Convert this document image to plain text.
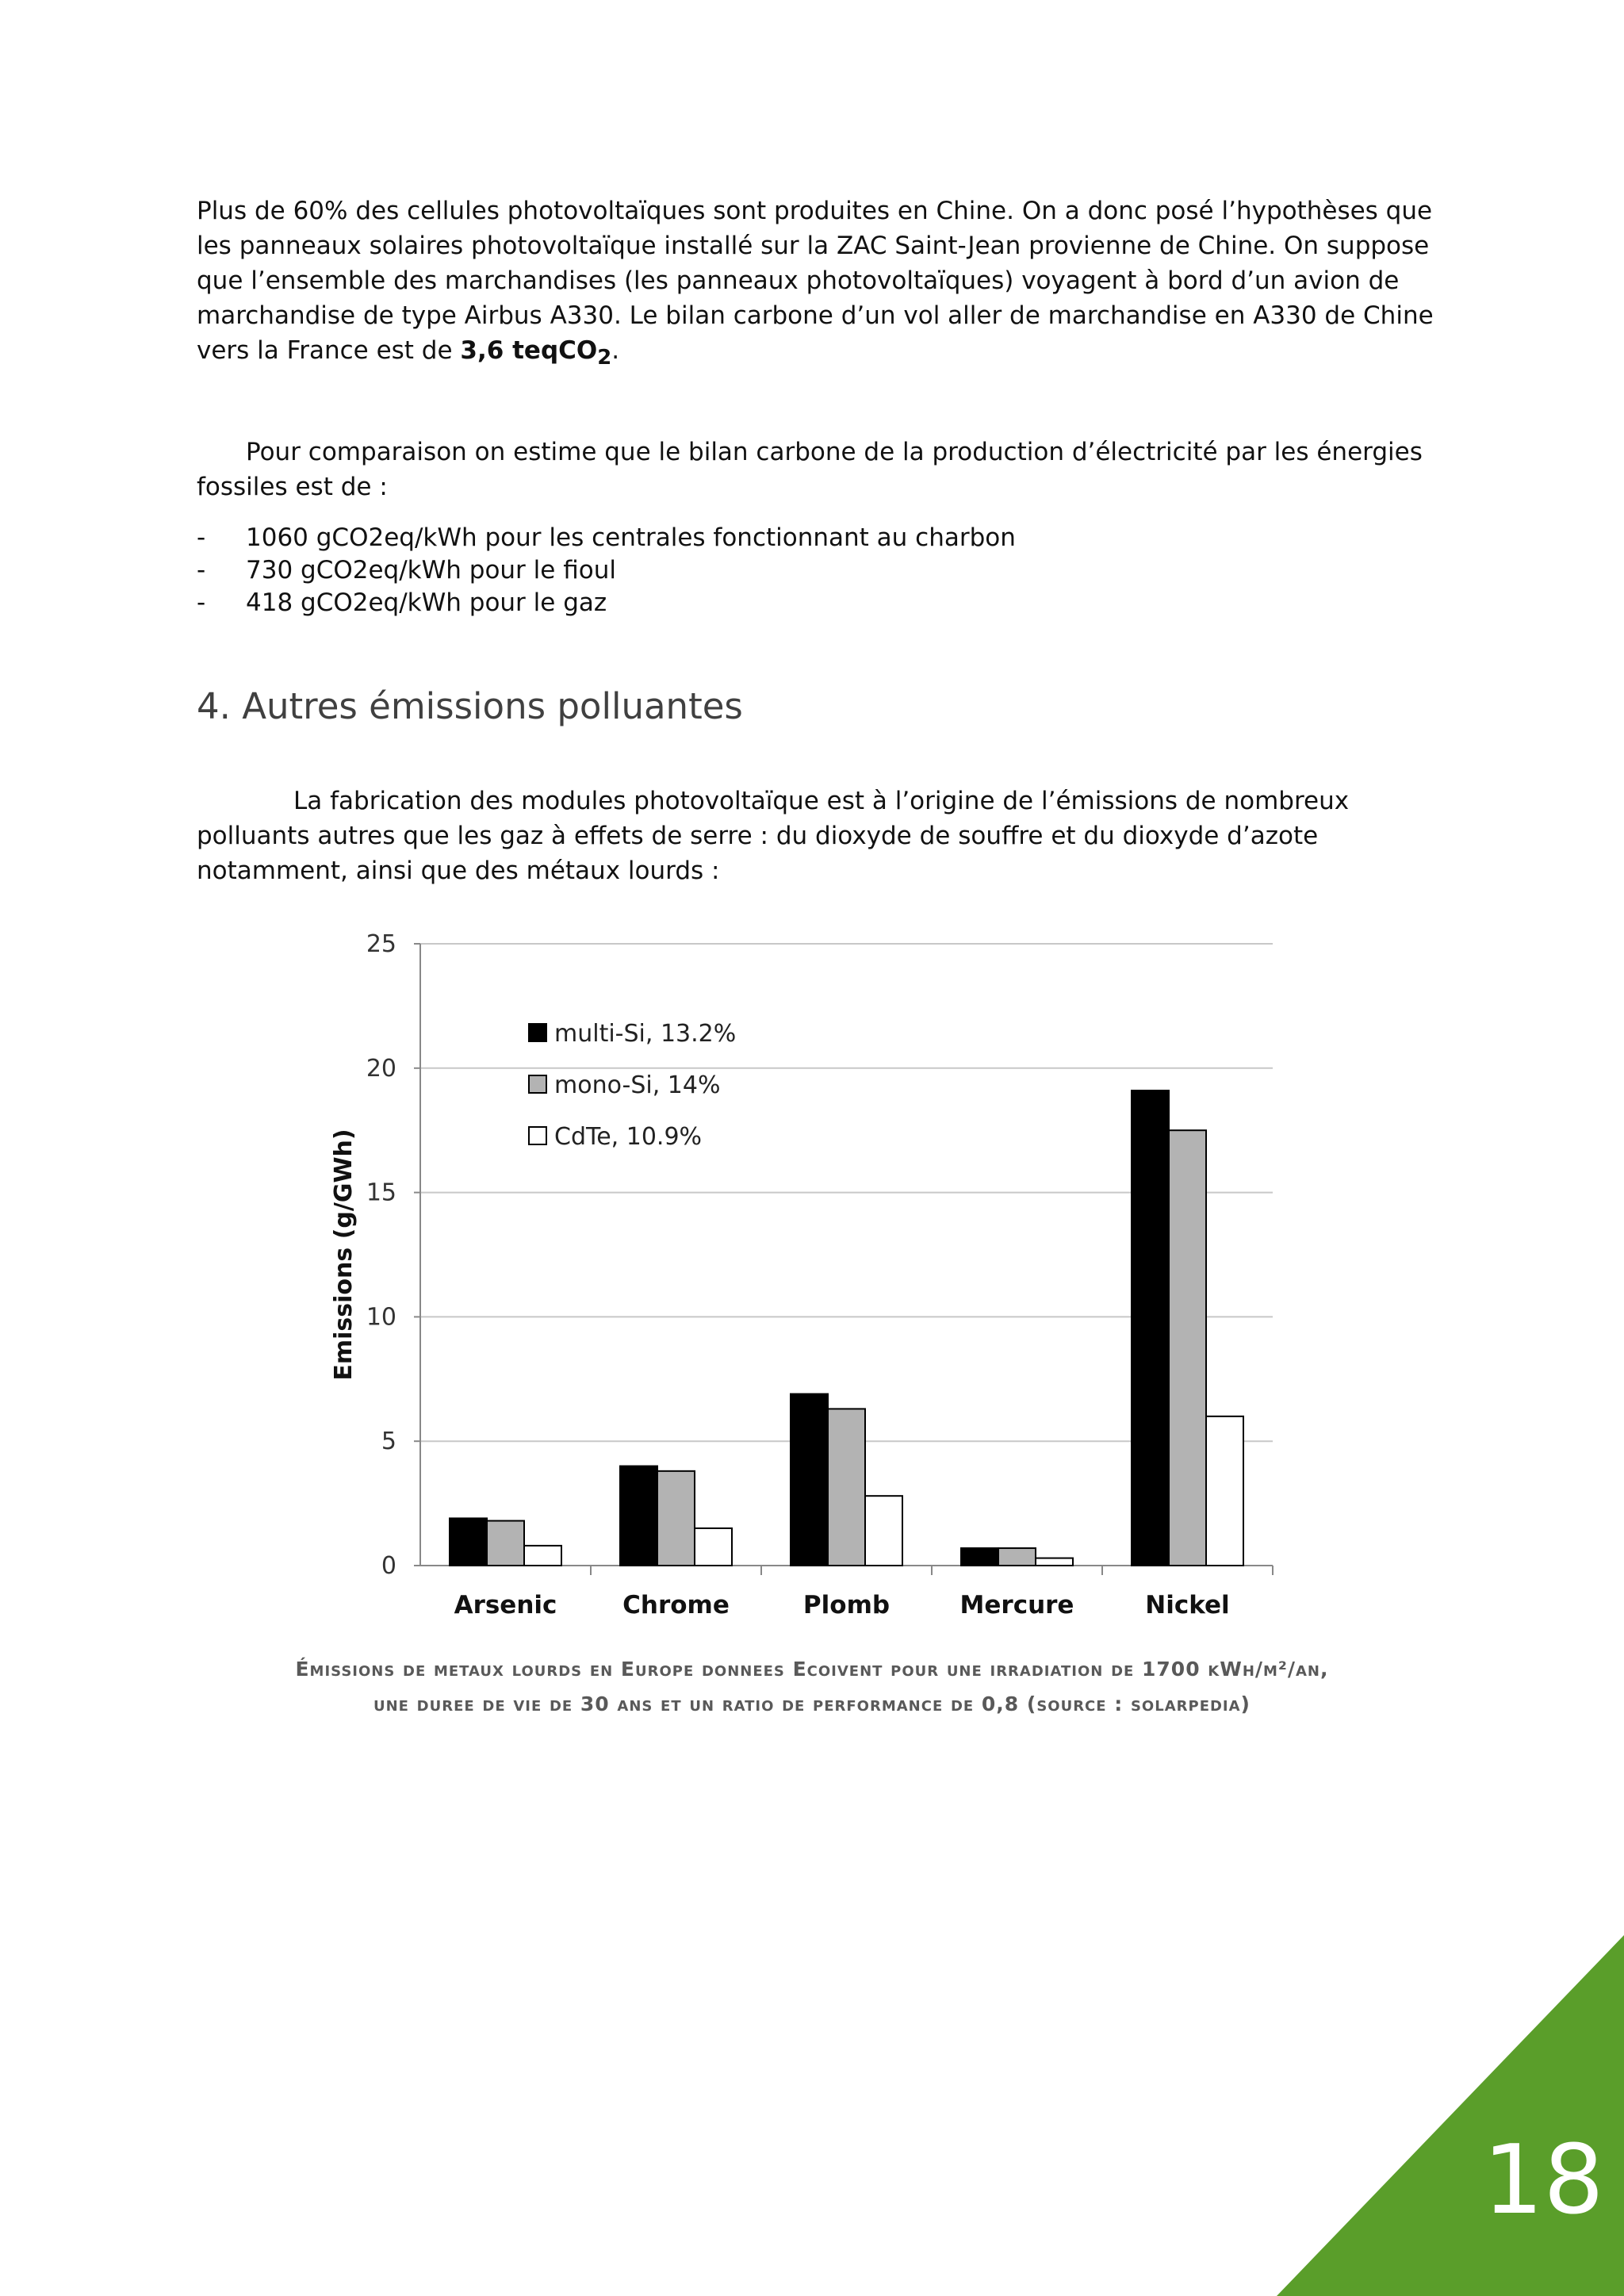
Plus de 60% des cellules photovoltaïques sont produites en Chine. On a donc posé l’hypothèses que les panneaux solaires photovoltaïque installé sur la ZAC Saint-Jean provienne de Chine. On suppose que l’ensemble des marchandises (les panneaux photovoltaïques) voyagent à bord d’un avion de marchandise de type Airbus A330. Le bilan carbone d’un vol aller de marchandise en A330 de Chine vers la France est de 3,6 teqCO$_2$.

Pour comparaison on estime que le bilan carbone de la production d’électricité par les énergies fossiles est de :

- 1060 gCO2eq/kWh pour les centrales fonctionnant au charbon
- 730 gCO2eq/kWh pour le fioul
- 418 gCO2eq/kWh pour le gaz
4. Autres émissions polluantes

La fabrication des modules photovoltaïque est à l’origine de l’émissions de nombreux polluants autres que les gaz à effets de serre : du dioxyde de souffre et du dioxyde d’azote notamment, ainsi que des métaux lourds :

0
5
10
15
20
25
Arsenic	Chrome	Plomb	Mercure	Nickel
Emissions (g/GWh)
multi-Si, 13.2%
mono-Si, 14%
CdTe, 10.9%
Émissions de metaux lourds en Europe donnees Ecoivent pour une irradiation de 1700 kWh/m²/an,
une duree de vie de 30 ans et un ratio de performance de 0,8 (source : solarpedia)
18
